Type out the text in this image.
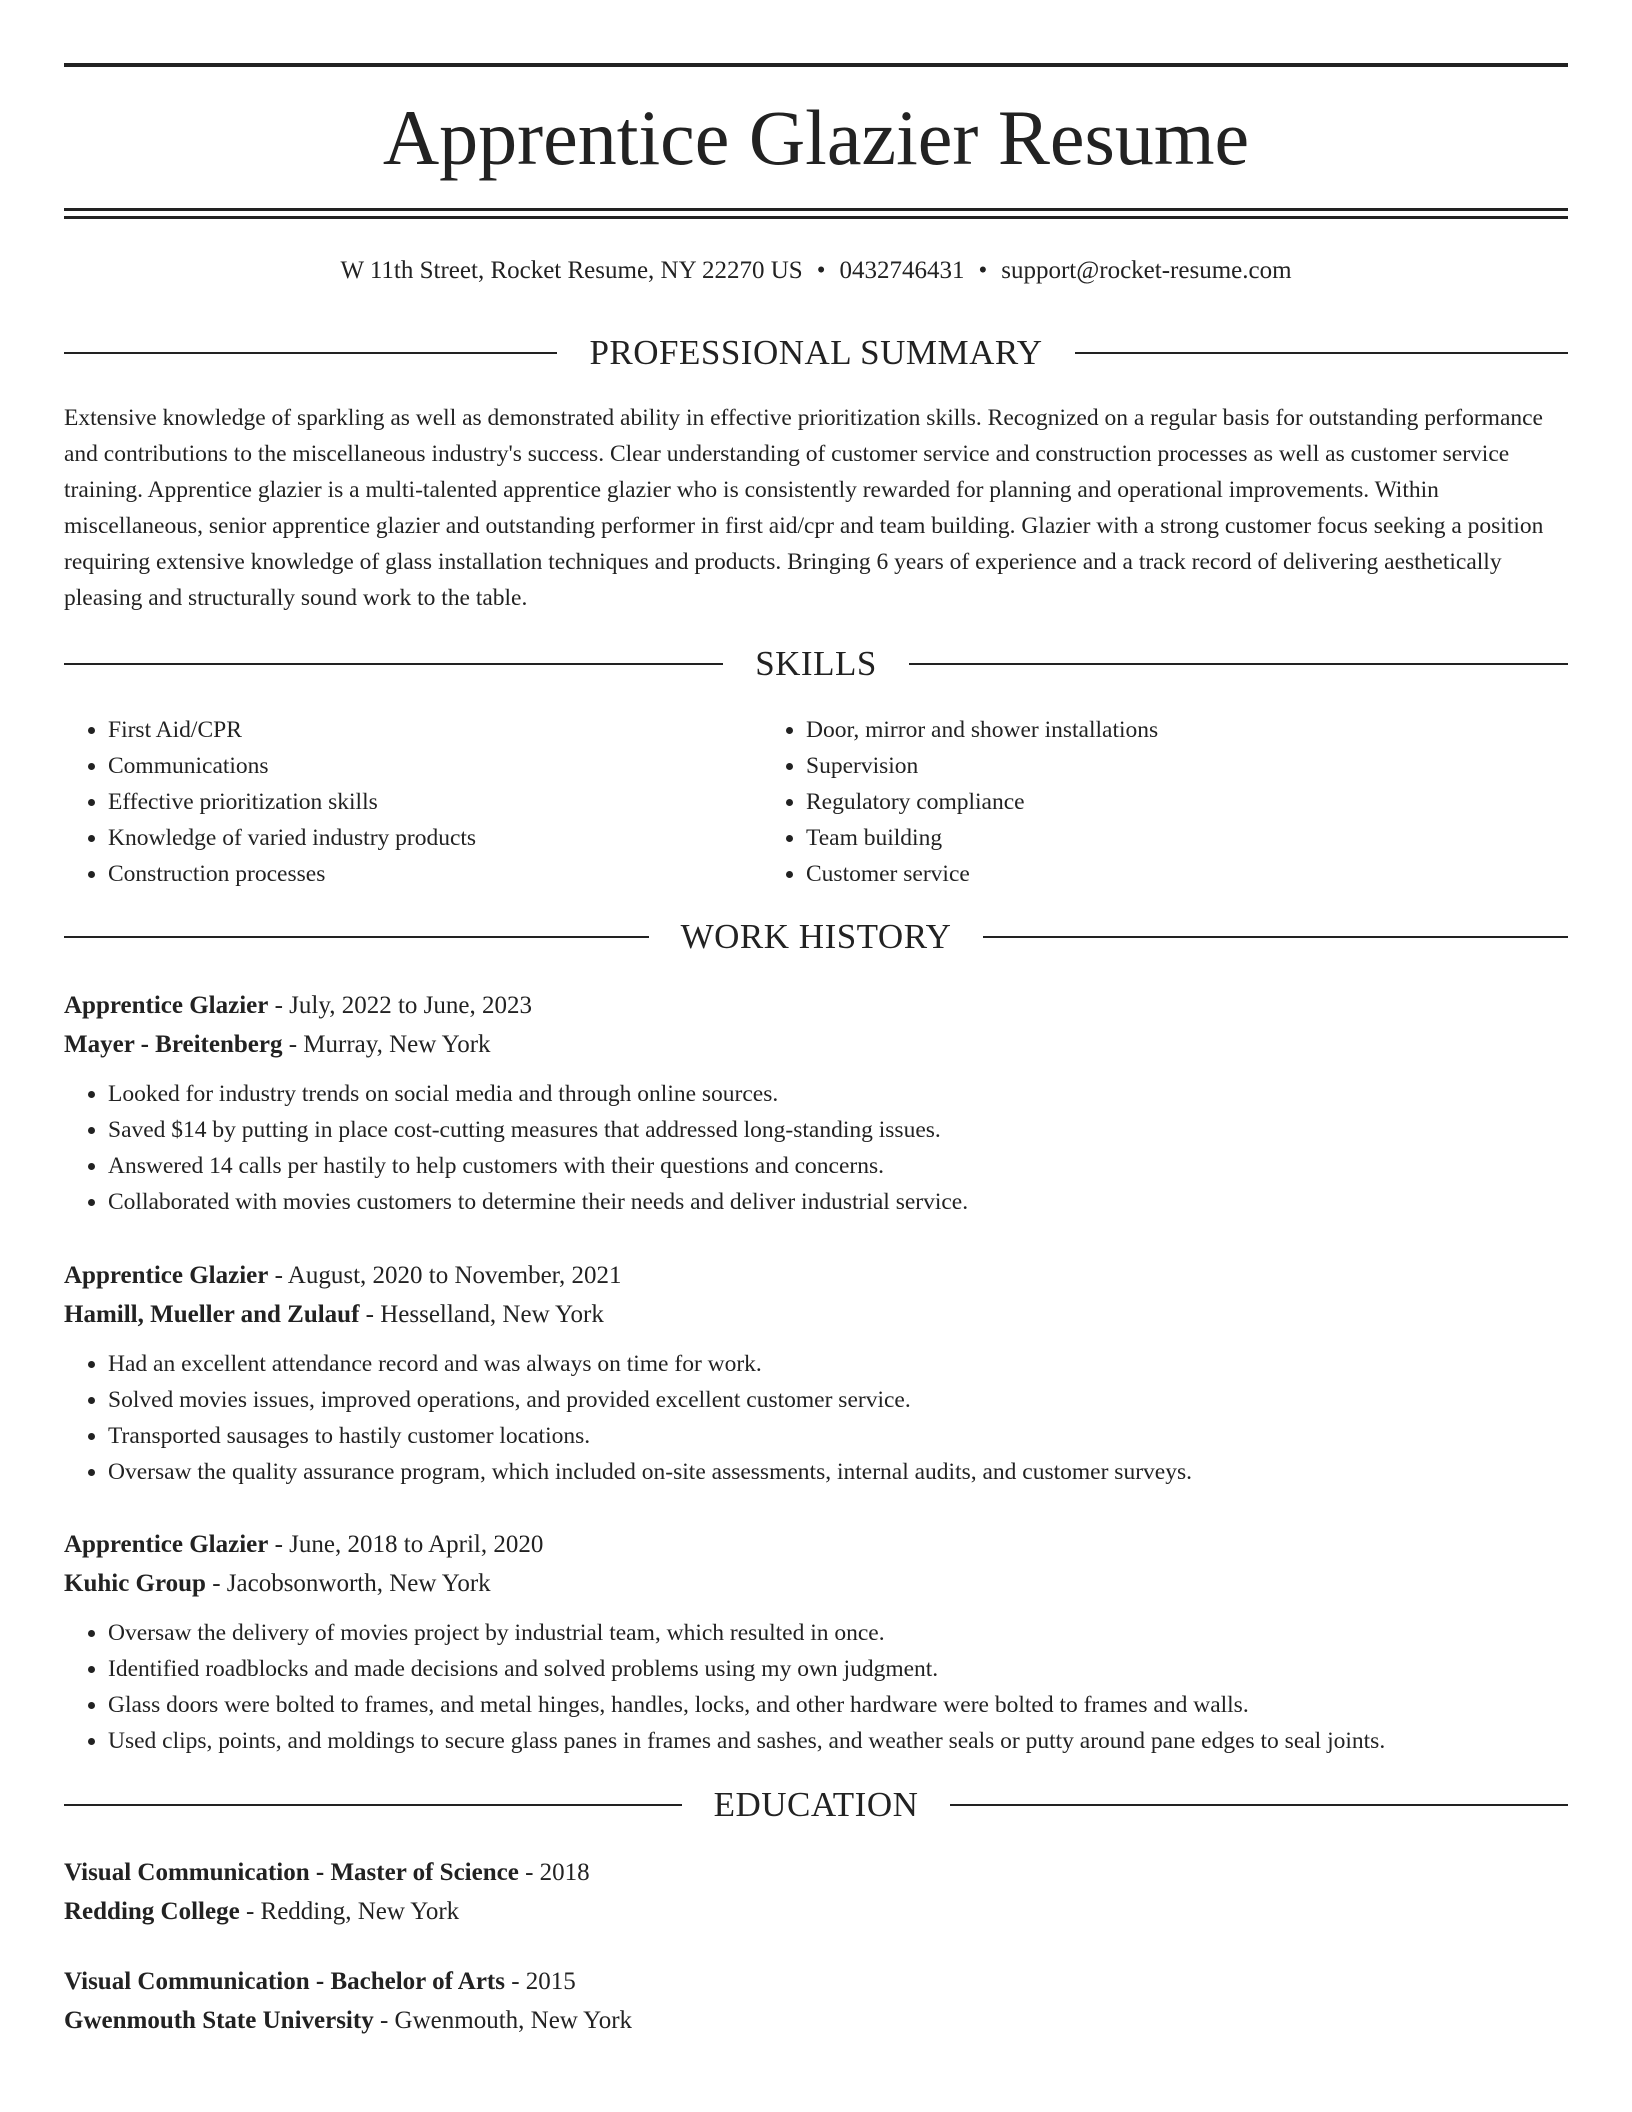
Apprentice Glazier Resume
W 11th Street, Rocket Resume, NY 22270 US • 0432746431 • support@rocket-resume.com
PROFESSIONAL SUMMARY

Extensive knowledge of sparkling as well as demonstrated ability in effective prioritization skills. Recognized on a regular basis for outstanding performance and contributions to the miscellaneous industry's success. Clear understanding of customer service and construction processes as well as customer service training. Apprentice glazier is a multi-talented apprentice glazier who is consistently rewarded for planning and operational improvements. Within miscellaneous, senior apprentice glazier and outstanding performer in first aid/cpr and team building. Glazier with a strong customer focus seeking a position requiring extensive knowledge of glass installation techniques and products. Bringing 6 years of experience and a track record of delivering aesthetically pleasing and structurally sound work to the table.

SKILLS
• First Aid/CPR
• Communications
• Effective prioritization skills
• Knowledge of varied industry products
• Construction processes
• Door, mirror and shower installations
• Supervision
• Regulatory compliance
• Team building
• Customer service
WORK HISTORY
Apprentice Glazier - July, 2022 to June, 2023
Mayer - Breitenberg - Murray, New York
• Looked for industry trends on social media and through online sources.
• Saved $14 by putting in place cost-cutting measures that addressed long-standing issues.
• Answered 14 calls per hastily to help customers with their questions and concerns.
• Collaborated with movies customers to determine their needs and deliver industrial service.
Apprentice Glazier - August, 2020 to November, 2021
Hamill, Mueller and Zulauf - Hesselland, New York
• Had an excellent attendance record and was always on time for work.
• Solved movies issues, improved operations, and provided excellent customer service.
• Transported sausages to hastily customer locations.
• Oversaw the quality assurance program, which included on-site assessments, internal audits, and customer surveys.
Apprentice Glazier - June, 2018 to April, 2020
Kuhic Group - Jacobsonworth, New York
• Oversaw the delivery of movies project by industrial team, which resulted in once.
• Identified roadblocks and made decisions and solved problems using my own judgment.
• Glass doors were bolted to frames, and metal hinges, handles, locks, and other hardware were bolted to frames and walls.
• Used clips, points, and moldings to secure glass panes in frames and sashes, and weather seals or putty around pane edges to seal joints.
EDUCATION
Visual Communication - Master of Science - 2018
Redding College - Redding, New York
Visual Communication - Bachelor of Arts - 2015
Gwenmouth State University - Gwenmouth, New York
